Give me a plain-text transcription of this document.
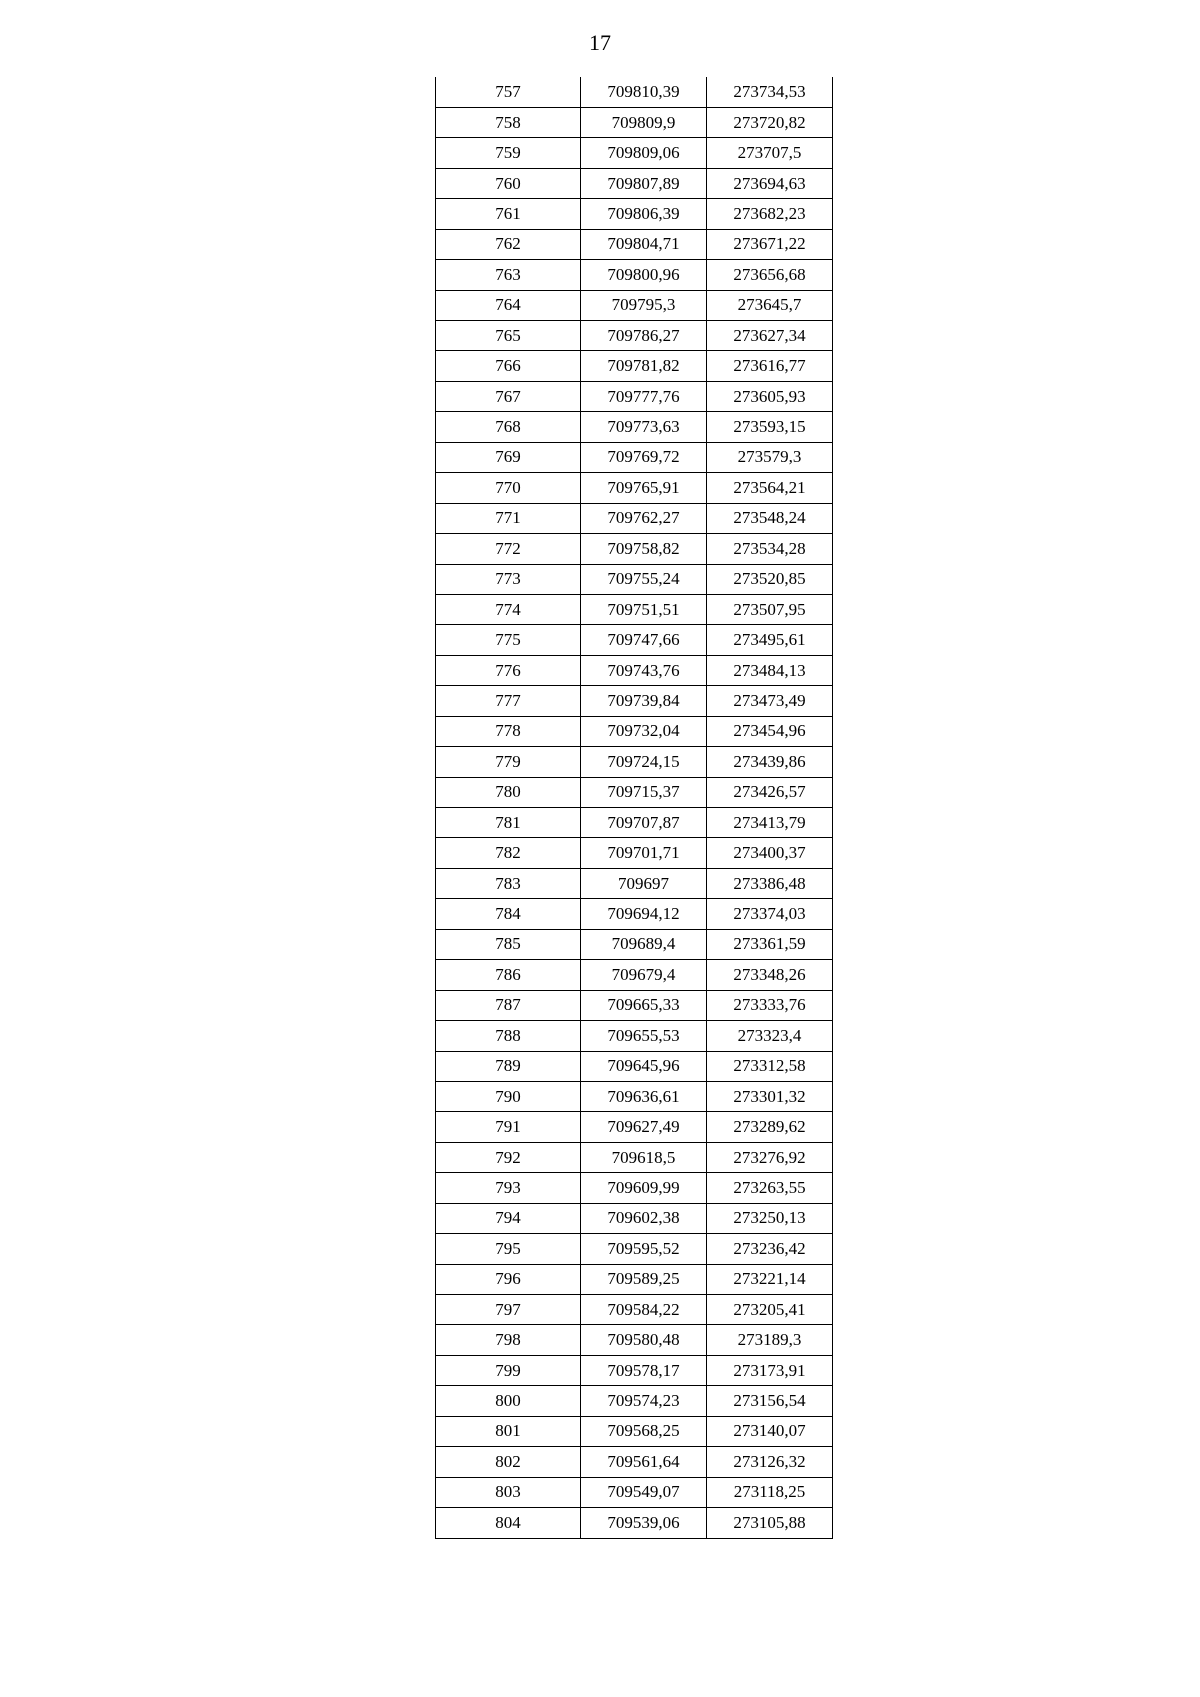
17
757	709810,39	273734,53
758	709809,9	273720,82
759	709809,06	273707,5
760	709807,89	273694,63
761	709806,39	273682,23
762	709804,71	273671,22
763	709800,96	273656,68
764	709795,3	273645,7
765	709786,27	273627,34
766	709781,82	273616,77
767	709777,76	273605,93
768	709773,63	273593,15
769	709769,72	273579,3
770	709765,91	273564,21
771	709762,27	273548,24
772	709758,82	273534,28
773	709755,24	273520,85
774	709751,51	273507,95
775	709747,66	273495,61
776	709743,76	273484,13
777	709739,84	273473,49
778	709732,04	273454,96
779	709724,15	273439,86
780	709715,37	273426,57
781	709707,87	273413,79
782	709701,71	273400,37
783	709697	273386,48
784	709694,12	273374,03
785	709689,4	273361,59
786	709679,4	273348,26
787	709665,33	273333,76
788	709655,53	273323,4
789	709645,96	273312,58
790	709636,61	273301,32
791	709627,49	273289,62
792	709618,5	273276,92
793	709609,99	273263,55
794	709602,38	273250,13
795	709595,52	273236,42
796	709589,25	273221,14
797	709584,22	273205,41
798	709580,48	273189,3
799	709578,17	273173,91
800	709574,23	273156,54
801	709568,25	273140,07
802	709561,64	273126,32
803	709549,07	273118,25
804	709539,06	273105,88
